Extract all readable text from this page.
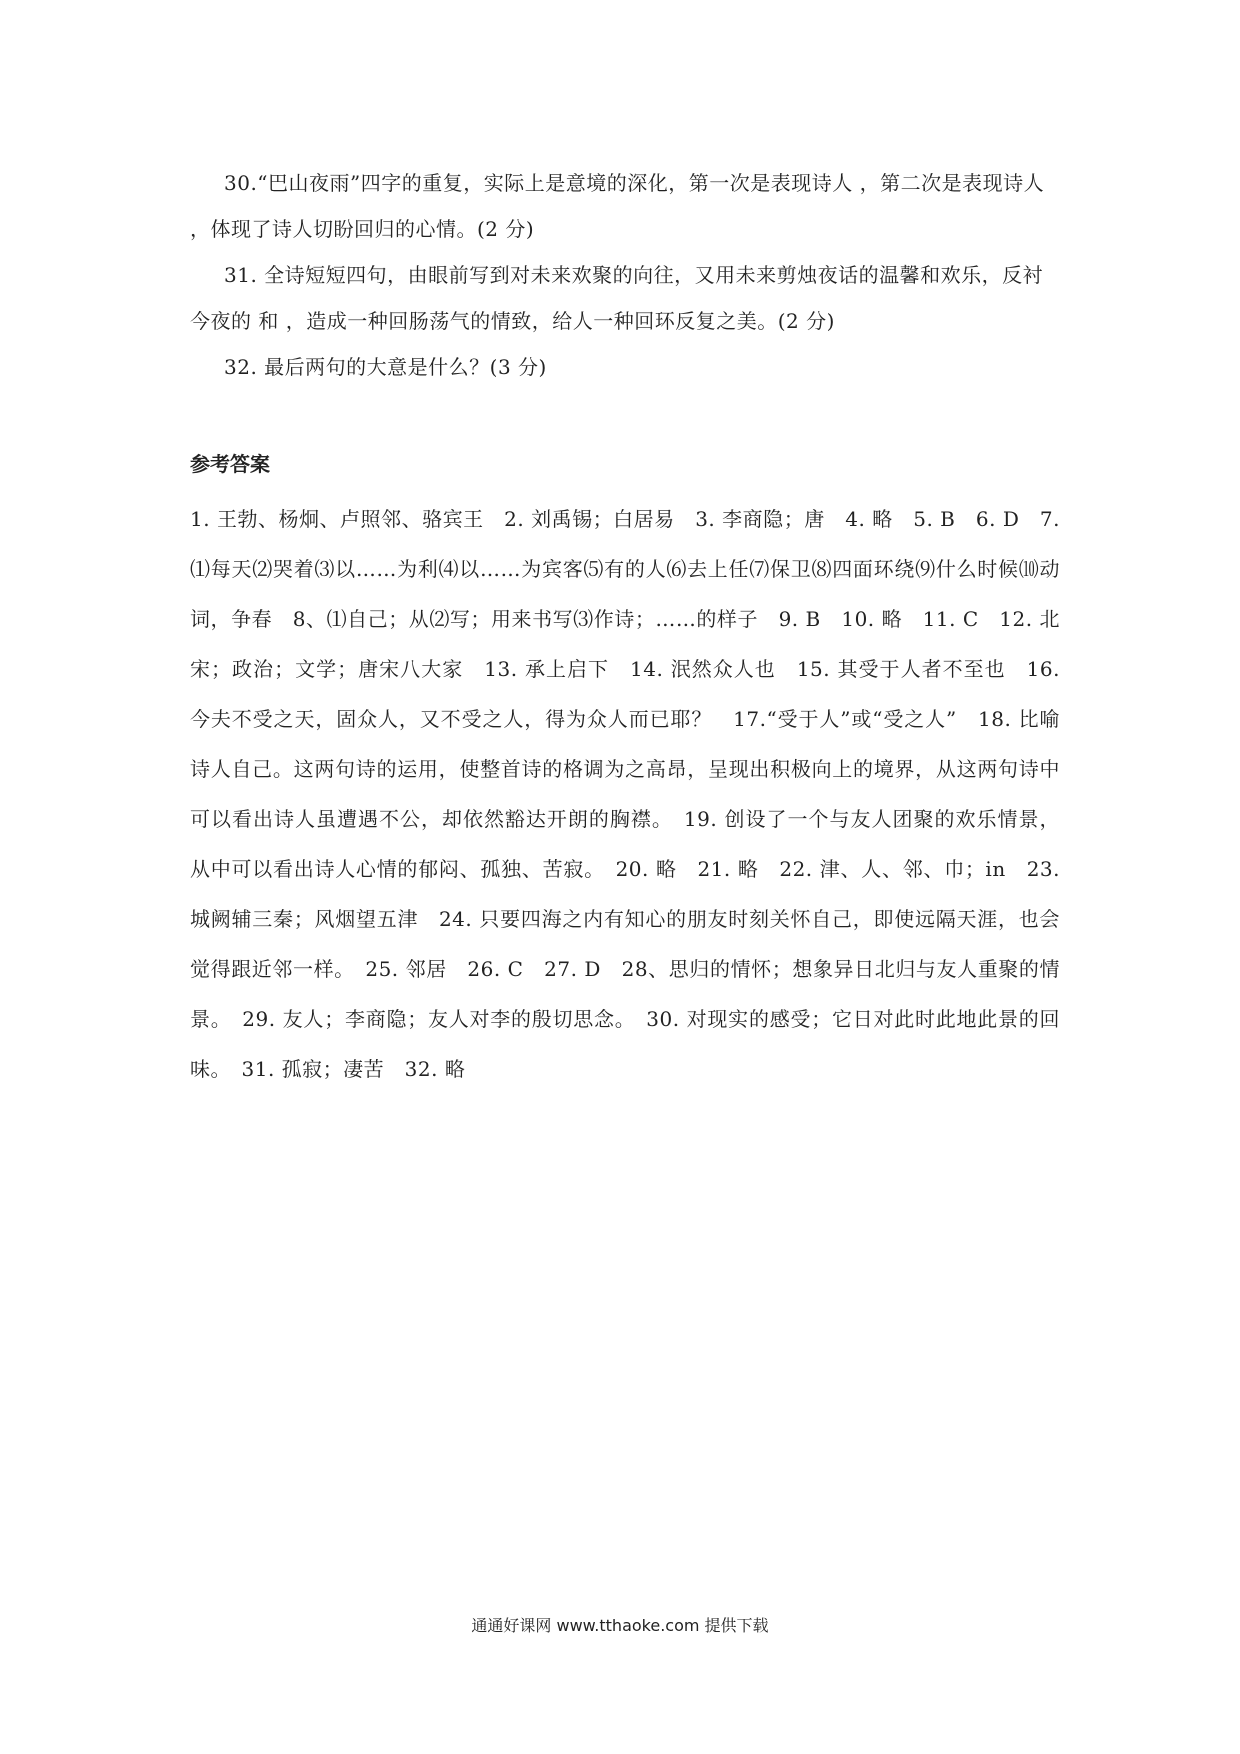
30.“巴山夜雨”四字的重复，实际上是意境的深化，第一次是表现诗人 ，第二次是表现诗人 ，体现了诗人切盼回归的心情。(2 分)

31. 全诗短短四句，由眼前写到对未来欢聚的向往，又用未来剪烛夜话的温馨和欢乐，反衬今夜的 和 ，造成一种回肠荡气的情致，给人一种回环反复之美。(2 分)

32. 最后两句的大意是什么？(3 分)

参考答案

1. 王勃、杨炯、卢照邻、骆宾王　2. 刘禹锡；白居易　3. 李商隐；唐　4. 略　5. B　6. D　7. ⑴每天⑵哭着⑶以……为利⑷以……为宾客⑸有的人⑹去上任⑺保卫⑻四面环绕⑼什么时候⑽动词，争春　8、⑴自己；从⑵写；用来书写⑶作诗；……的样子　9. B　10. 略　11. C　12. 北宋；政治；文学；唐宋八大家　13. 承上启下　14. 泯然众人也　15. 其受于人者不至也　16. 今夫不受之天，固众人，又不受之人，得为众人而已耶？　17.“受于人”或“受之人”　18. 比喻诗人自己。这两句诗的运用，使整首诗的格调为之高昂，呈现出积极向上的境界，从这两句诗中可以看出诗人虽遭遇不公，却依然豁达开朗的胸襟。　19. 创设了一个与友人团聚的欢乐情景，从中可以看出诗人心情的郁闷、孤独、苦寂。　20. 略　21. 略　22. 津、人、邻、巾；in　23. 城阙辅三秦；风烟望五津　24. 只要四海之内有知心的朋友时刻关怀自己，即使远隔天涯，也会觉得跟近邻一样。　25. 邻居　26. C　27. D　28、思归的情怀；想象异日北归与友人重聚的情景。　29. 友人；李商隐；友人对李的殷切思念。　30. 对现实的感受；它日对此时此地此景的回味。　31. 孤寂；凄苦　32. 略

通通好课网 www.tthaoke.com 提供下载
